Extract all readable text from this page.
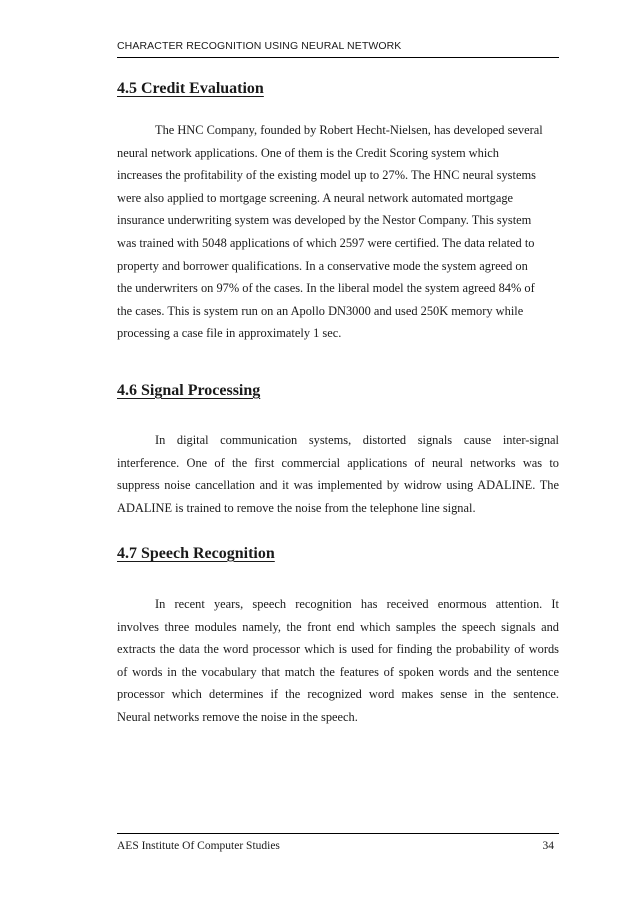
CHARACTER RECOGNITION USING NEURAL NETWORK
4.5 Credit Evaluation
The HNC Company, founded by Robert Hecht-Nielsen, has developed several
neural network applications. One of them is the Credit Scoring system which
increases the profitability of the existing model up to 27%. The HNC neural systems
were also applied to mortgage screening. A neural network automated mortgage
insurance underwriting system was developed by the Nestor Company. This system
was trained with 5048 applications of which 2597 were certified. The data related to
property and borrower qualifications. In a conservative mode the system agreed on
the underwriters on 97% of the cases. In the liberal model the system agreed 84% of
the cases. This is system run on an Apollo DN3000 and used 250K memory while
processing a case file in approximately 1 sec.
4.6 Signal Processing
In digital communication systems, distorted signals cause inter-signal
interference. One of the first commercial applications of neural networks was to
suppress noise cancellation and it was implemented by widrow using ADALINE. The
ADALINE is trained to remove the noise from the telephone line signal.
4.7 Speech Recognition
In recent years, speech recognition has received enormous attention. It
involves three modules namely, the front end which samples the speech signals and
extracts the data the word processor which is used for finding the probability of words
of words in the vocabulary that match the features of spoken words and the sentence
processor which determines if the recognized word makes sense in the sentence.
Neural networks remove the noise in the speech.
AES Institute Of Computer Studies	34
